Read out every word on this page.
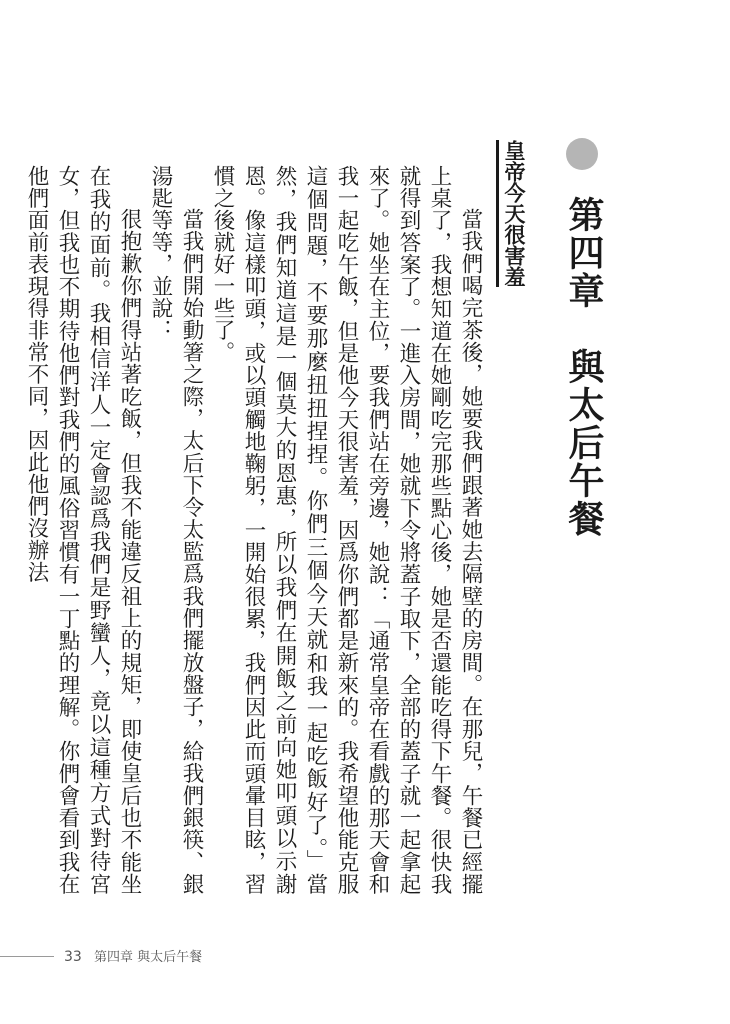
第四章　與太后午餐
皇帝今天很害羞

當我們喝完茶後，她要我們跟著她去隔壁的房間。在那兒，午餐已經擺上桌了，我想知道在她剛吃完那些點心後，她是否還能吃得下午餐。很快我就得到答案了。一進入房間，她就下令將蓋子取下，全部的蓋子就一起拿起來了。她坐在主位，要我們站在旁邊，她說：「通常皇帝在看戲的那天會和我一起吃午飯，但是他今天很害羞，因爲你們都是新來的。我希望他能克服這個問題，不要那麼扭扭捏捏。你們三個今天就和我一起吃飯好了。」當然，我們知道這是一個莫大的恩惠，所以我們在開飯之前向她叩頭以示謝恩。像這樣叩頭，或以頭觸地鞠躬，一開始很累，我們因此而頭暈目眩，習慣之後就好一些了。

當我們開始動箸之際，太后下令太監爲我們擺放盤子，給我們銀筷、銀湯匙等等，並說：

很抱歉你們得站著吃飯，但我不能違反祖上的規矩，即使皇后也不能坐在我的面前。我相信洋人一定會認爲我們是野蠻人，竟以這種方式對待宮女，但我也不期待他們對我們的風俗習慣有一丁點的理解。你們會看到我在他們面前表現得非常不同，因此他們沒辦法

33 第四章 與太后午餐
